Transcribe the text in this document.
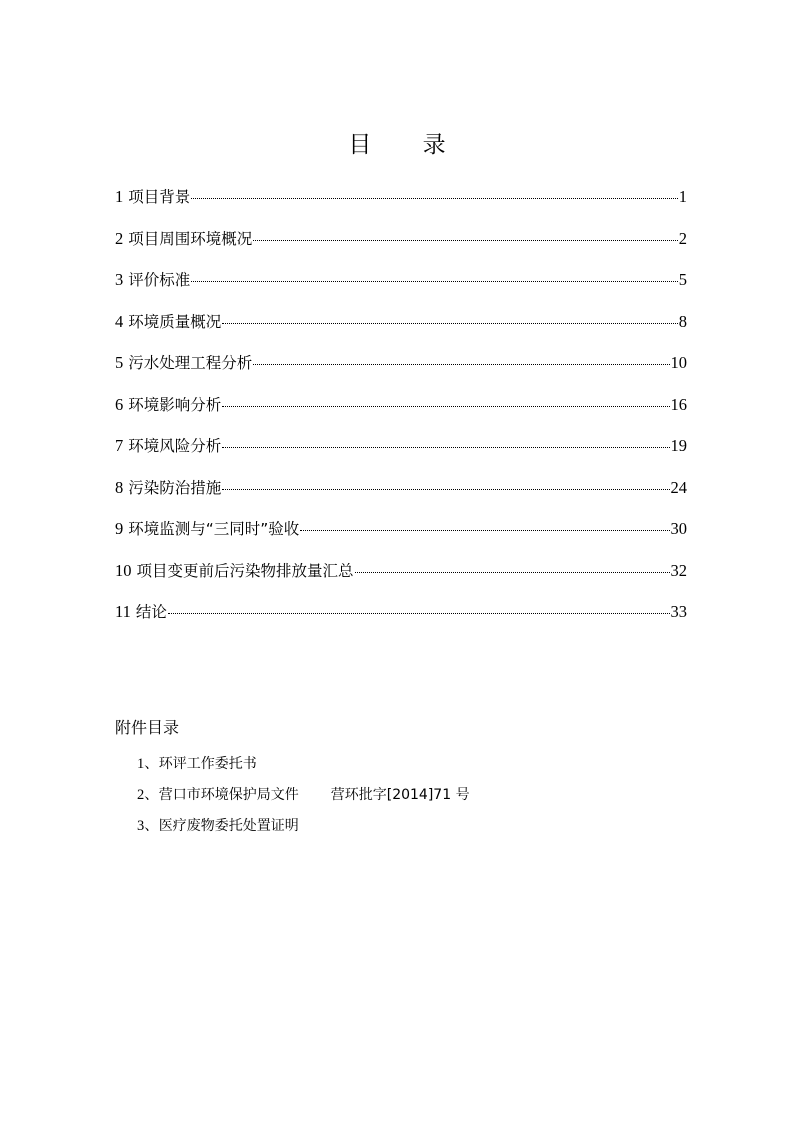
目 录
1 项目背景	1
2 项目周围环境概况	2
3 评价标准	5
4 环境质量概况	8
5 污水处理工程分析	10
6 环境影响分析	16
7 环境风险分析	19
8 污染防治措施	24
9 环境监测与“三同时”验收	30
10 项目变更前后污染物排放量汇总	32
11 结论	33
附件目录
1、环评工作委托书
2、营口市环境保护局文件 营环批字[2014]71 号
3、医疗废物委托处置证明
